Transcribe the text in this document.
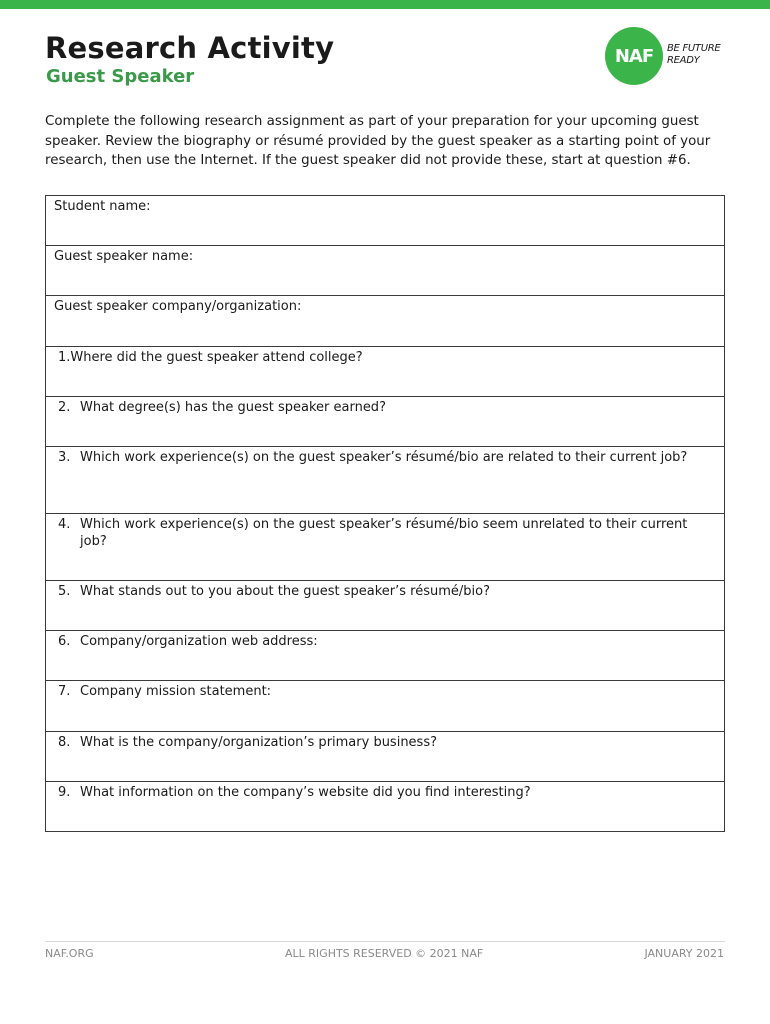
Research Activity
Guest Speaker
NAF	BE FUTURE
READY

Complete the following research assignment as part of your preparation for your upcoming guest speaker. Review the biography or résumé provided by the guest speaker as a starting point of your research, then use the Internet. If the guest speaker did not provide these, start at question #6.

Student name:

Guest speaker name:

Guest speaker company/organization:

1. Where did the guest speaker attend college?

2. What degree(s) has the guest speaker earned?

3. Which work experience(s) on the guest speaker’s résumé/bio are related to their current job?

4. Which work experience(s) on the guest speaker’s résumé/bio seem unrelated to their current job?

5. What stands out to you about the guest speaker’s résumé/bio?

6. Company/organization web address:

7. Company mission statement:

8. What is the company/organization’s primary business?

9. What information on the company’s website did you find interesting?
NAF.ORG	ALL RIGHTS RESERVED © 2021 NAF	JANUARY 2021
